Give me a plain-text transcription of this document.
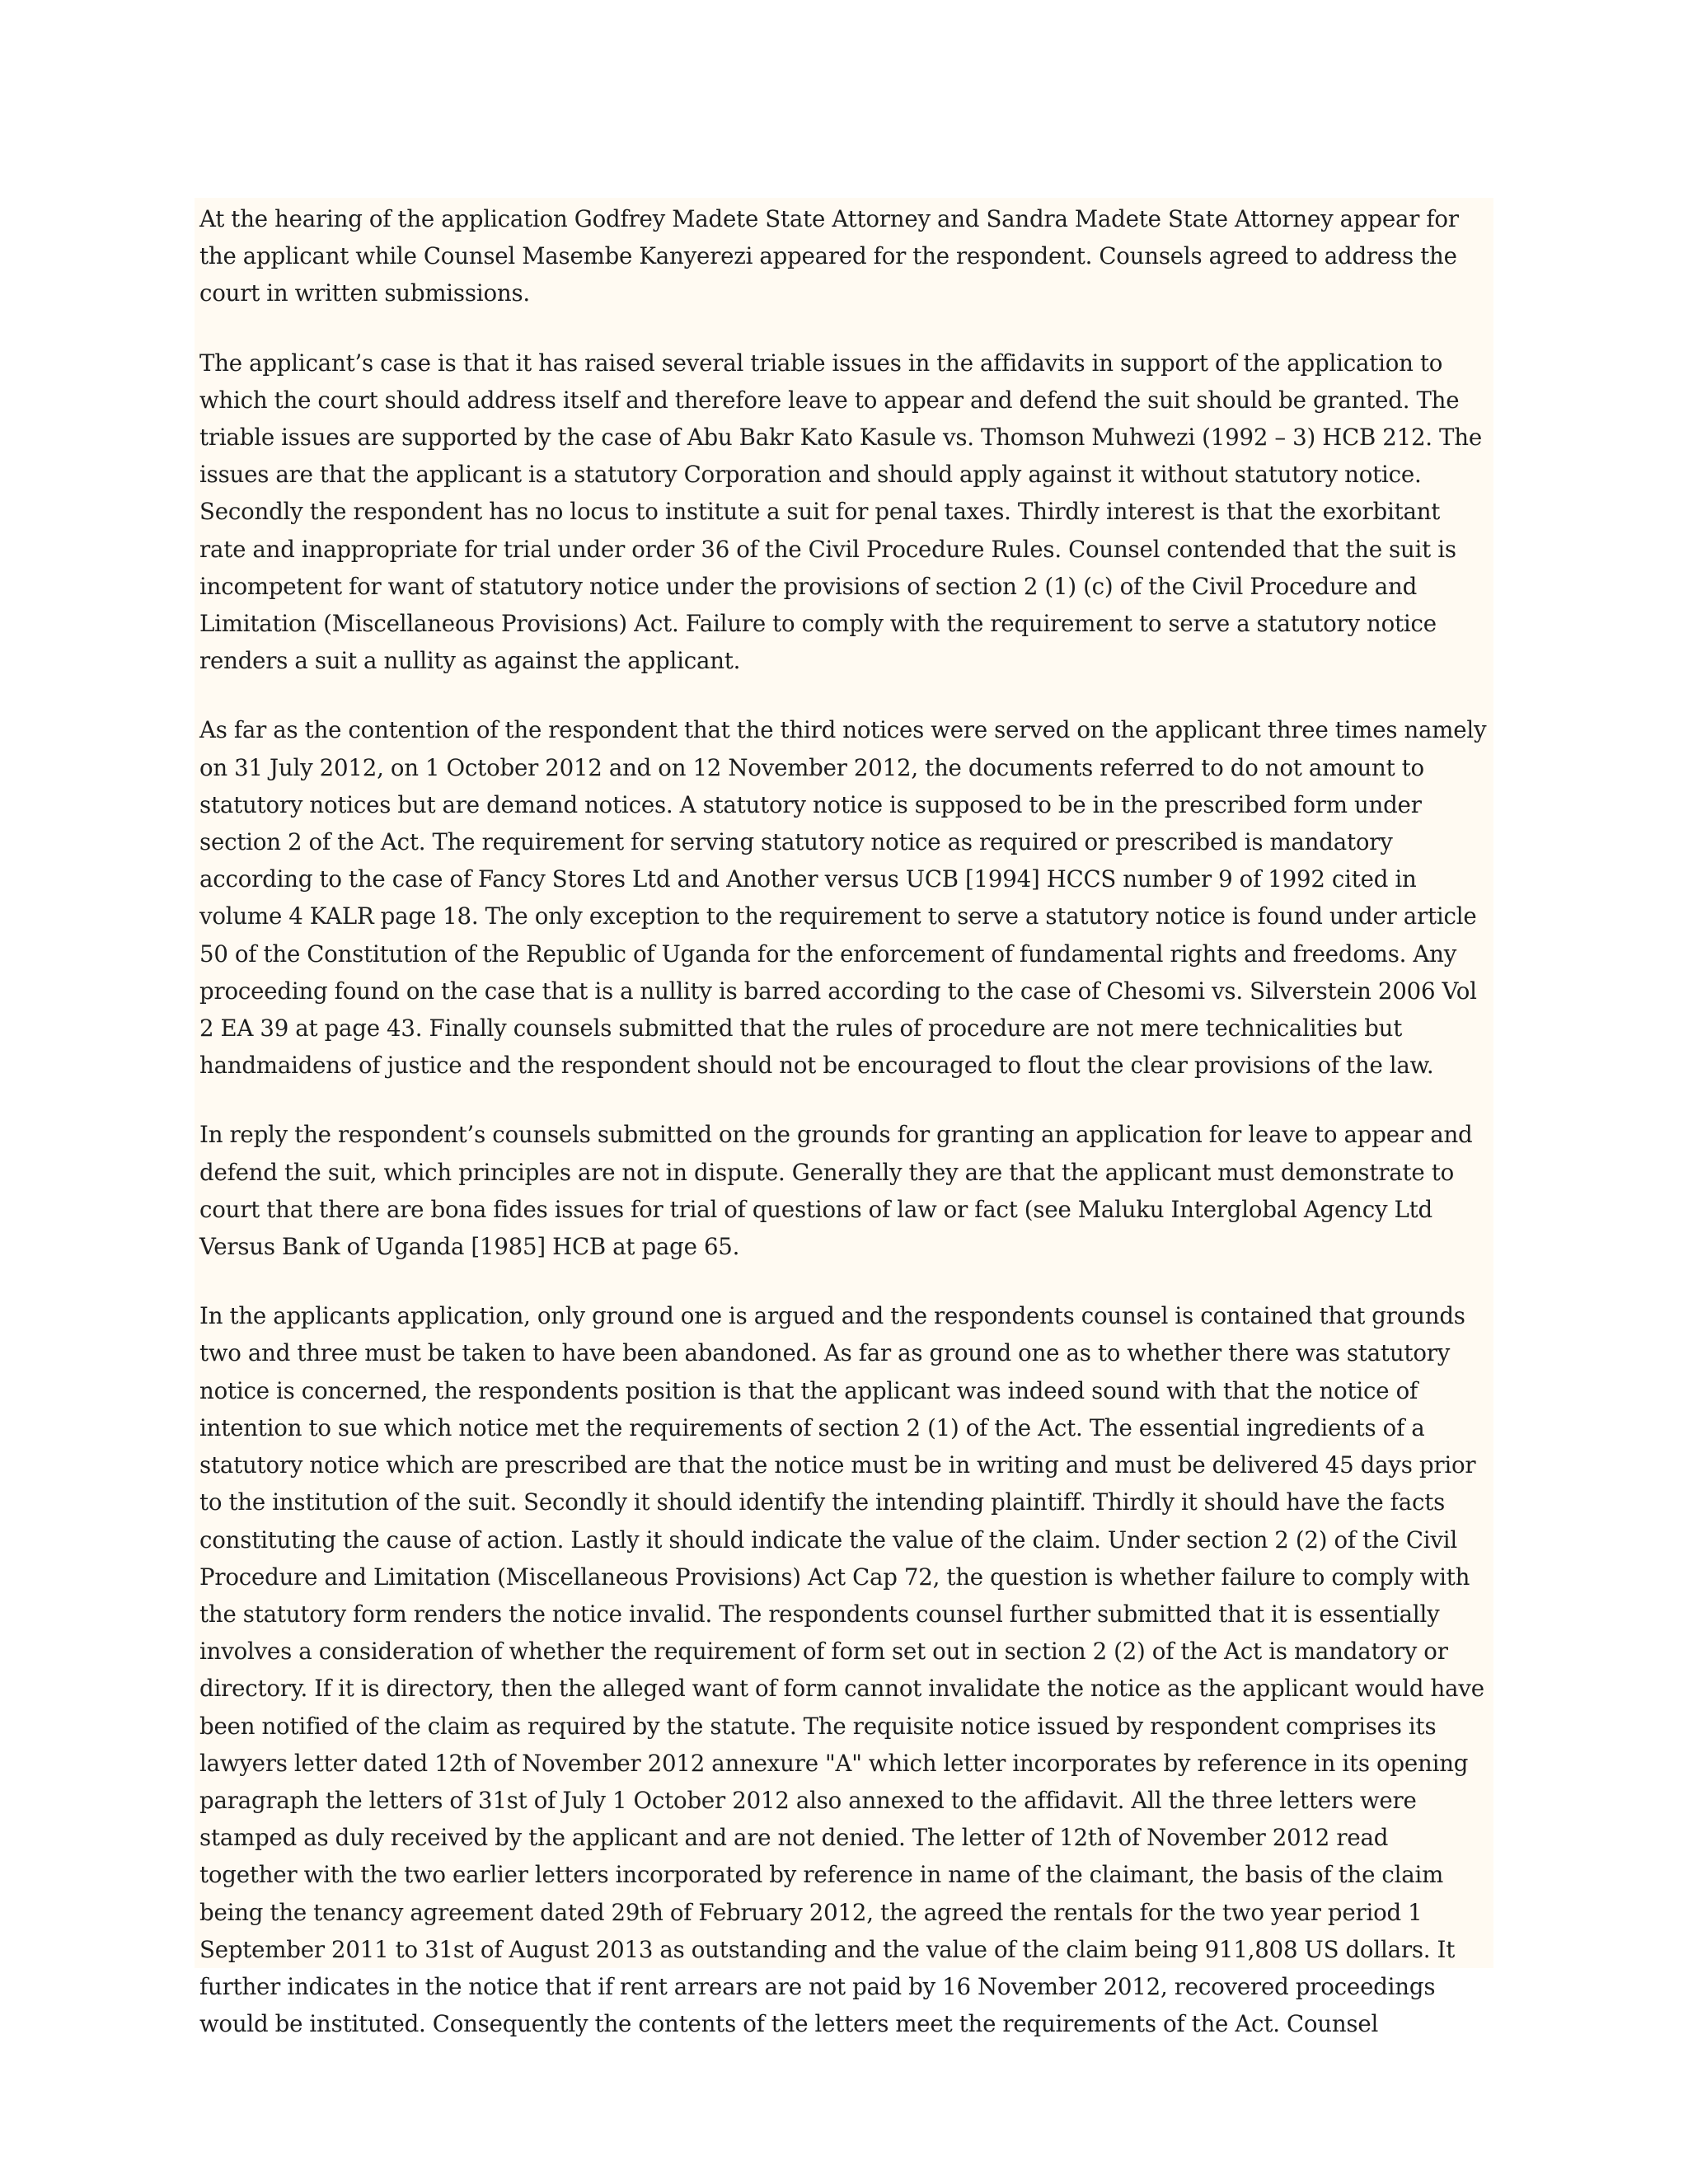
At the hearing of the application Godfrey Madete State Attorney and Sandra Madete State Attorney appear for the applicant while Counsel Masembe Kanyerezi appeared for the respondent. Counsels agreed to address the court in written submissions.

The applicant’s case is that it has raised several triable issues in the affidavits in support of the application to which the court should address itself and therefore leave to appear and defend the suit should be granted. The triable issues are supported by the case of Abu Bakr Kato Kasule vs. Thomson Muhwezi (1992 – 3) HCB 212. The issues are that the applicant is a statutory Corporation and should apply against it without statutory notice. Secondly the respondent has no locus to institute a suit for penal taxes. Thirdly interest is that the exorbitant rate and inappropriate for trial under order 36 of the Civil Procedure Rules. Counsel contended that the suit is incompetent for want of statutory notice under the provisions of section 2 (1) (c) of the Civil Procedure and Limitation (Miscellaneous Provisions) Act. Failure to comply with the requirement to serve a statutory notice renders a suit a nullity as against the applicant.

As far as the contention of the respondent that the third notices were served on the applicant three times namely on 31 July 2012, on 1 October 2012 and on 12 November 2012, the documents referred to do not amount to statutory notices but are demand notices. A statutory notice is supposed to be in the prescribed form under section 2 of the Act. The requirement for serving statutory notice as required or prescribed is mandatory according to the case of Fancy Stores Ltd and Another versus UCB [1994] HCCS number 9 of 1992 cited in volume 4 KALR page 18. The only exception to the requirement to serve a statutory notice is found under article 50 of the Constitution of the Republic of Uganda for the enforcement of fundamental rights and freedoms. Any proceeding found on the case that is a nullity is barred according to the case of Chesomi vs. Silverstein 2006 Vol 2 EA 39 at page 43. Finally counsels submitted that the rules of procedure are not mere technicalities but handmaidens of justice and the respondent should not be encouraged to flout the clear provisions of the law.

In reply the respondent’s counsels submitted on the grounds for granting an application for leave to appear and defend the suit, which principles are not in dispute. Generally they are that the applicant must demonstrate to court that there are bona fides issues for trial of questions of law or fact (see Maluku Interglobal Agency Ltd Versus Bank of Uganda [1985] HCB at page 65.

In the applicants application, only ground one is argued and the respondents counsel is contained that grounds two and three must be taken to have been abandoned. As far as ground one as to whether there was statutory notice is concerned, the respondents position is that the applicant was indeed sound with that the notice of intention to sue which notice met the requirements of section 2 (1) of the Act. The essential ingredients of a statutory notice which are prescribed are that the notice must be in writing and must be delivered 45 days prior to the institution of the suit. Secondly it should identify the intending plaintiff. Thirdly it should have the facts constituting the cause of action. Lastly it should indicate the value of the claim. Under section 2 (2) of the Civil Procedure and Limitation (Miscellaneous Provisions) Act Cap 72, the question is whether failure to comply with the statutory form renders the notice invalid. The respondents counsel further submitted that it is essentially involves a consideration of whether the requirement of form set out in section 2 (2) of the Act is mandatory or directory. If it is directory, then the alleged want of form cannot invalidate the notice as the applicant would have been notified of the claim as required by the statute. The requisite notice issued by respondent comprises its lawyers letter dated 12th of November 2012 annexure "A" which letter incorporates by reference in its opening paragraph the letters of 31st of July 1 October 2012 also annexed to the affidavit. All the three letters were stamped as duly received by the applicant and are not denied. The letter of 12th of November 2012 read together with the two earlier letters incorporated by reference in name of the claimant, the basis of the claim being the tenancy agreement dated 29th of February 2012, the agreed the rentals for the two year period 1 September 2011 to 31st of August 2013 as outstanding and the value of the claim being 911,808 US dollars. It further indicates in the notice that if rent arrears are not paid by 16 November 2012, recovered proceedings would be instituted. Consequently the contents of the letters meet the requirements of the Act. Counsel
